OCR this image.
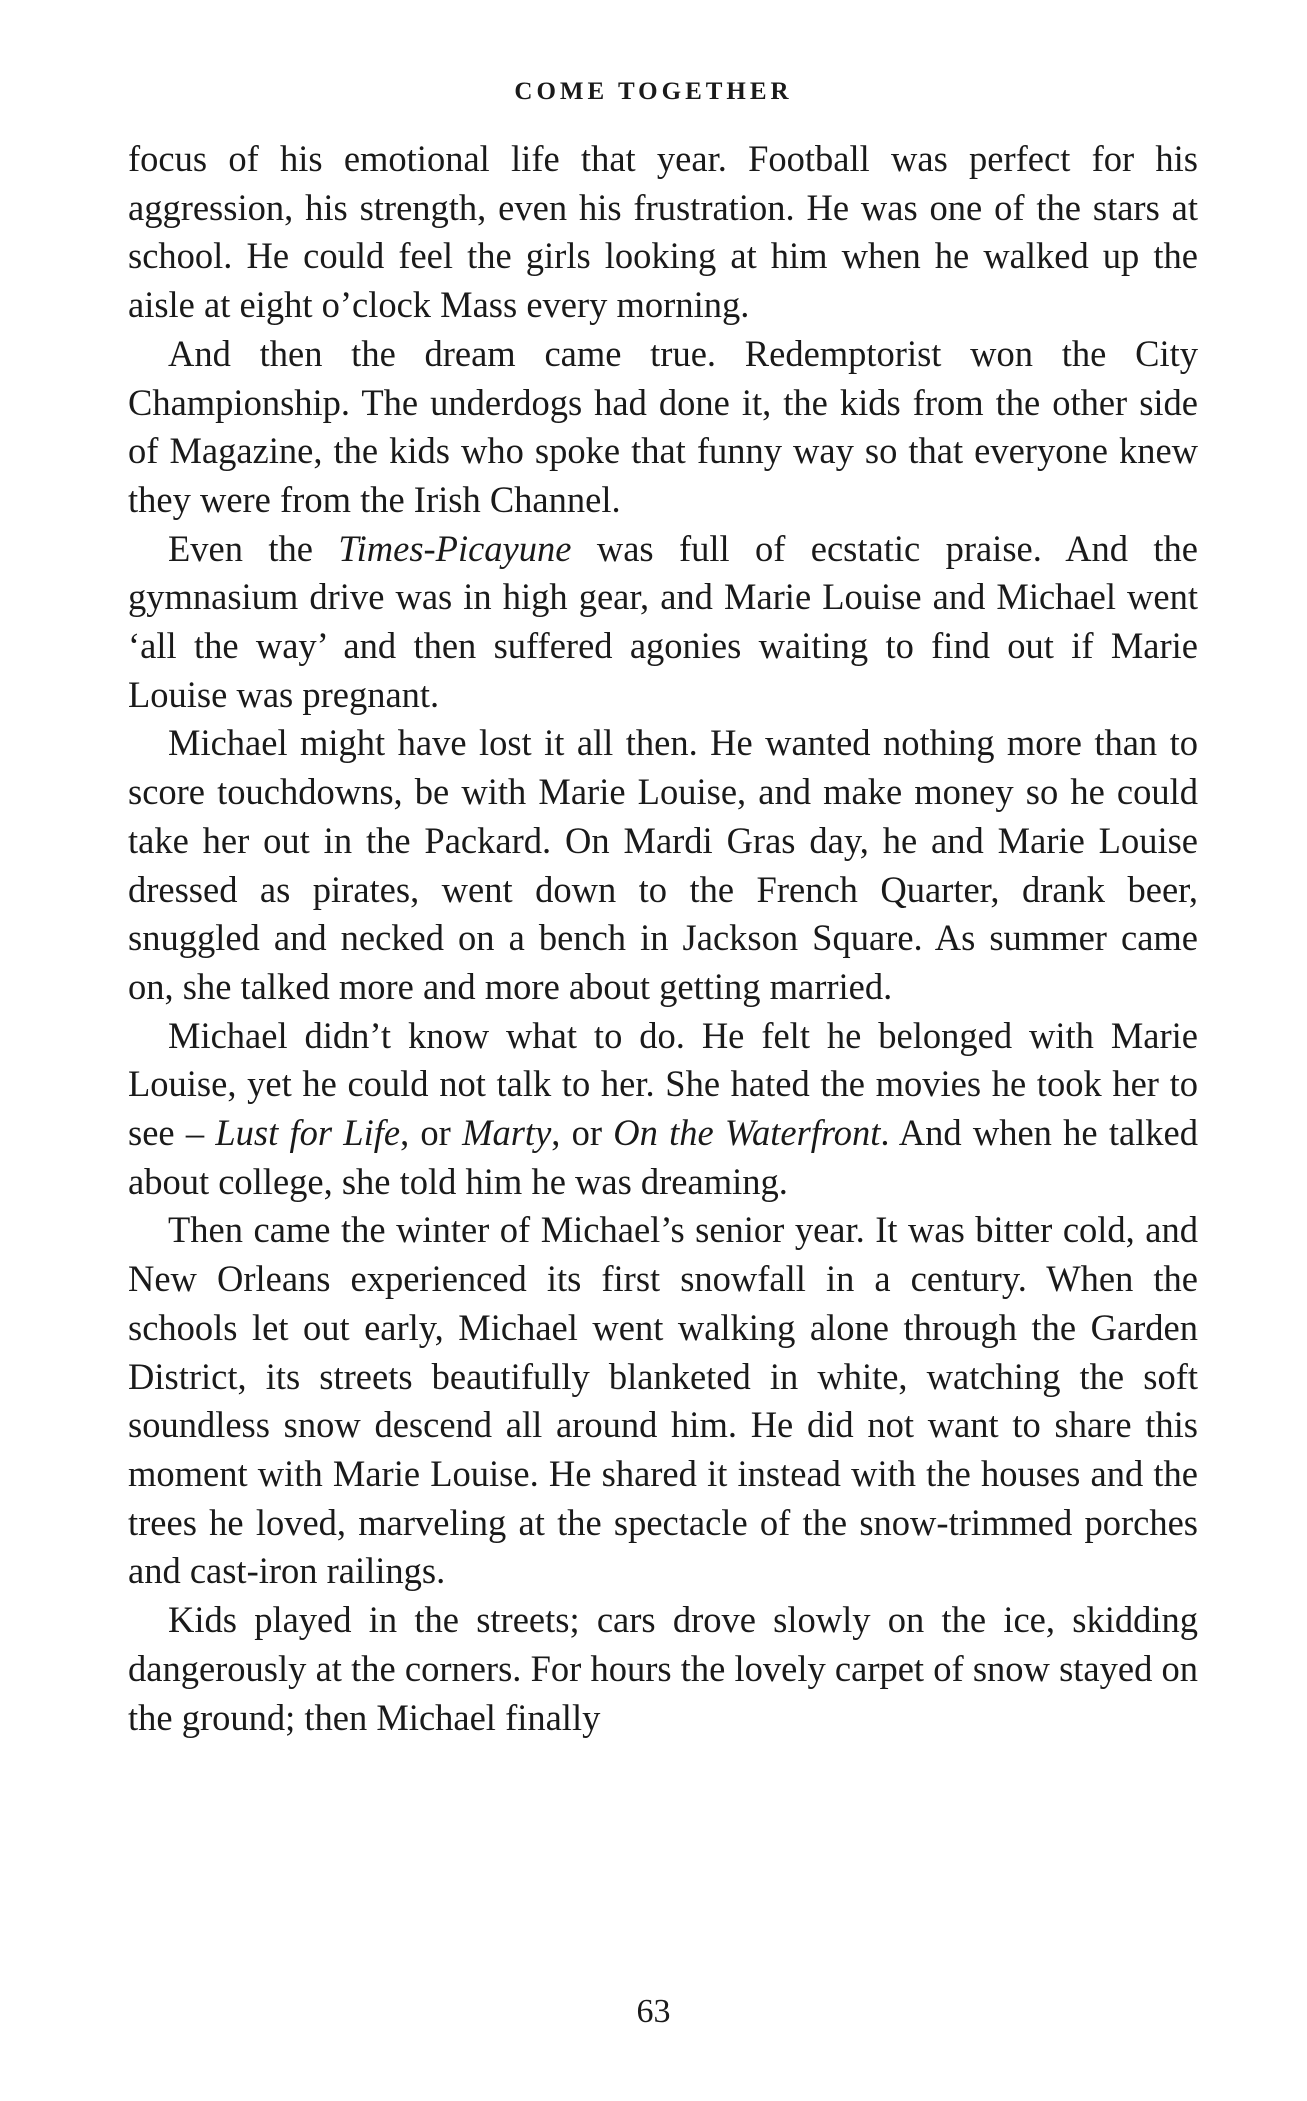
COME TOGETHER

focus of his emotional life that year. Football was perfect for his aggression, his strength, even his frustration. He was one of the stars at school. He could feel the girls looking at him when he walked up the aisle at eight o’clock Mass every morning.

And then the dream came true. Redemptorist won the City Championship. The underdogs had done it, the kids from the other side of Magazine, the kids who spoke that funny way so that everyone knew they were from the Irish Channel.

Even the Times-Picayune was full of ecstatic praise. And the gymnasium drive was in high gear, and Marie Louise and Michael went ‘all the way’ and then suffered agonies waiting to find out if Marie Louise was pregnant.

Michael might have lost it all then. He wanted nothing more than to score touchdowns, be with Marie Louise, and make money so he could take her out in the Packard. On Mardi Gras day, he and Marie Louise dressed as pirates, went down to the French Quarter, drank beer, snuggled and necked on a bench in Jackson Square. As summer came on, she talked more and more about getting married.

Michael didn’t know what to do. He felt he belonged with Marie Louise, yet he could not talk to her. She hated the movies he took her to see – Lust for Life, or Marty, or On the Waterfront. And when he talked about college, she told him he was dreaming.

Then came the winter of Michael’s senior year. It was bitter cold, and New Orleans experienced its first snowfall in a century. When the schools let out early, Michael went walking alone through the Garden District, its streets beautifully blanketed in white, watching the soft soundless snow descend all around him. He did not want to share this moment with Marie Louise. He shared it instead with the houses and the trees he loved, marveling at the spectacle of the snow-trimmed porches and cast-iron railings.

Kids played in the streets; cars drove slowly on the ice, skidding dangerously at the corners. For hours the lovely carpet of snow stayed on the ground; then Michael finally

63
